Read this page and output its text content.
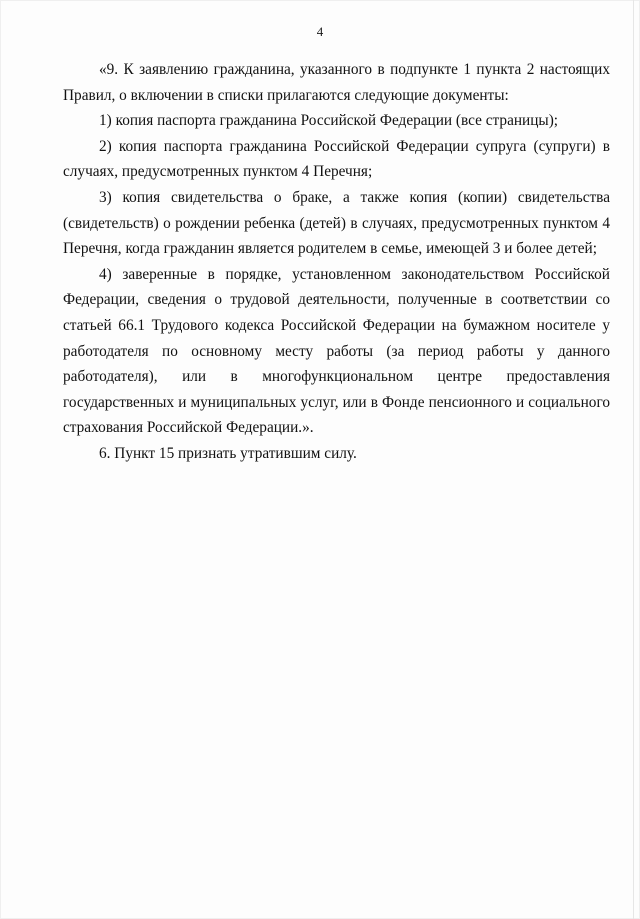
4

«9. К заявлению гражданина, указанного в подпункте 1 пункта 2 настоящих Правил, о включении в списки прилагаются следующие документы:

1) копия паспорта гражданина Российской Федерации (все страницы);

2) копия паспорта гражданина Российской Федерации супруга (супруги) в случаях, предусмотренных пунктом 4 Перечня;

3) копия свидетельства о браке, а также копия (копии) свидетельства (свидетельств) о рождении ребенка (детей) в случаях, предусмотренных пунктом 4 Перечня, когда гражданин является родителем в семье, имеющей 3 и более детей;

4) заверенные в порядке, установленном законодательством Российской Федерации, сведения о трудовой деятельности, полученные в соответствии со статьей 66.1 Трудового кодекса Российской Федерации на бумажном носителе у работодателя по основному месту работы (за период работы у данного работодателя), или в многофункциональном центре предоставления государственных и муниципальных услуг, или в Фонде пенсионного и социального страхования Российской Федерации.».

6. Пункт 15 признать утратившим силу.
